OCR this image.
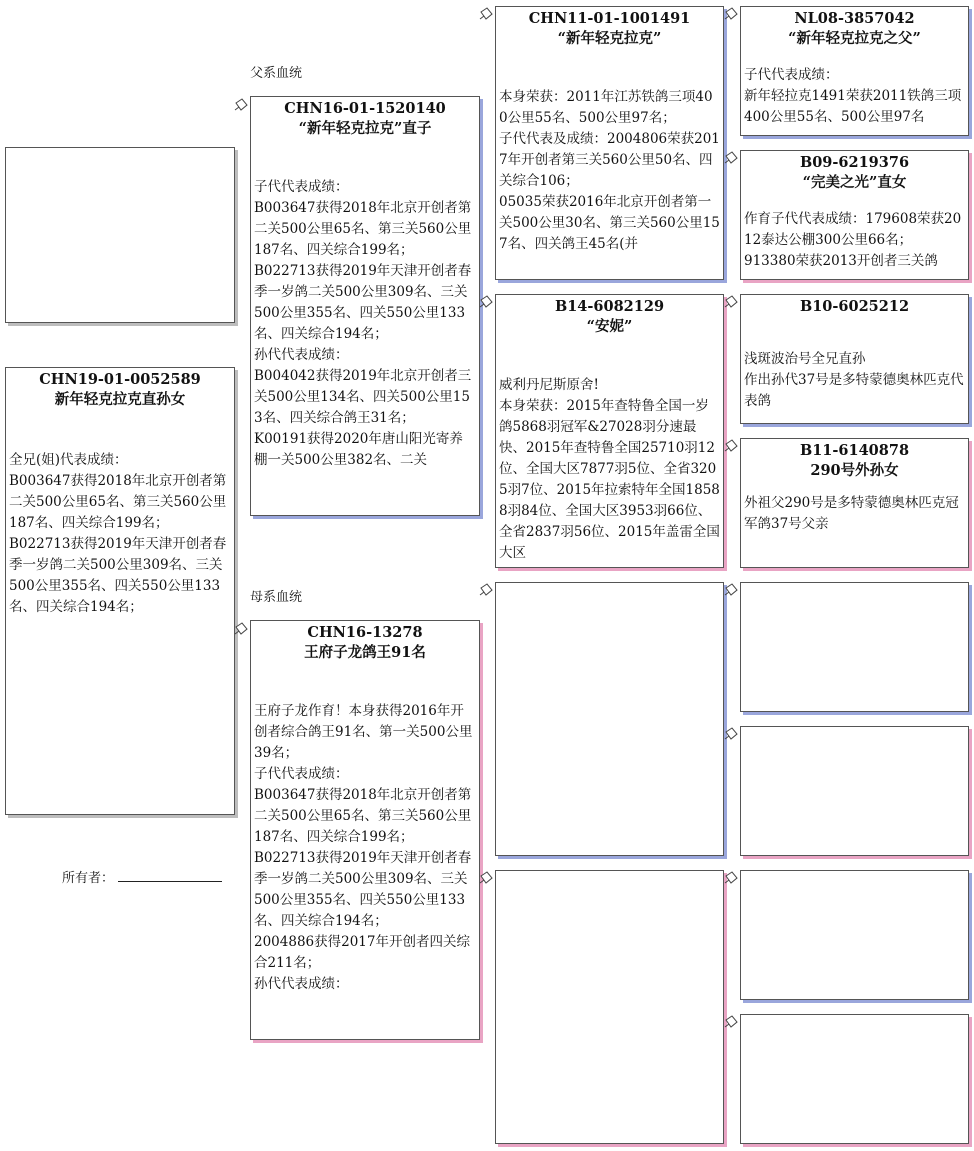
父系血统
母系血统
CHN19-01-0052589
新年轻克拉克直孙女
全兄(姐)代表成绩：
B003647获得2018年北京开创者第二关500公里65名、第三关560公里187名、四关综合199名；
B022713获得2019年天津开创者春季一岁鸽二关500公里309名、三关500公里355名、四关550公里133名、四关综合194名；
所有者：
CHN16-01-1520140
“新年轻克拉克”直子
子代代表成绩：
B003647获得2018年北京开创者第二关500公里65名、第三关560公里187名、四关综合199名；
B022713获得2019年天津开创者春季一岁鸽二关500公里309名、三关500公里355名、四关550公里133名、四关综合194名；
孙代代表成绩：
B004042获得2019年北京开创者三关500公里134名、四关500公里153名、四关综合鸽王31名；
K00191获得2020年唐山阳光寄养棚一关500公里382名、二关
CHN16-13278
王府子龙鸽王91名
王府子龙作育！本身获得2016年开创者综合鸽王91名、第一关500公里39名；
子代代表成绩：
B003647获得2018年北京开创者第二关500公里65名、第三关560公里187名、四关综合199名；
B022713获得2019年天津开创者春季一岁鸽二关500公里309名、三关500公里355名、四关550公里133名、四关综合194名；
2004886获得2017年开创者四关综合211名；
孙代代表成绩：
CHN11-01-1001491
“新年轻克拉克”
本身荣获：2011年江苏铁鸽三项400公里55名、500公里97名；
子代代表及成绩：2004806荣获2017年开创者第三关560公里50名、四关综合106；
05035荣获2016年北京开创者第一关500公里30名、第三关560公里157名、四关鸽王45名(并
B14-6082129
“安妮”
威利丹尼斯原舍!
本身荣获：2015年查特鲁全国一岁鸽5868羽冠军&27028羽分速最快、2015年查特鲁全国25710羽12位、全国大区7877羽5位、全省3205羽7位、2015年拉索特年全国18588羽84位、全国大区3953羽66位、全省2837羽56位、2015年盖雷全国大区
NL08-3857042
“新年轻克拉克之父”
子代代表成绩：
新年轻拉克1491荣获2011铁鸽三项400公里55名、500公里97名
B09-6219376
“完美之光”直女
作育子代代表成绩：179608荣获2012泰达公棚300公里66名；
913380荣获2013开创者三关鸽
B10-6025212
浅斑波治号全兄直孙
作出孙代37号是多特蒙德奥林匹克代表鸽
B11-6140878
290号外孙女
外祖父290号是多特蒙德奥林匹克冠军鸽37号父亲
